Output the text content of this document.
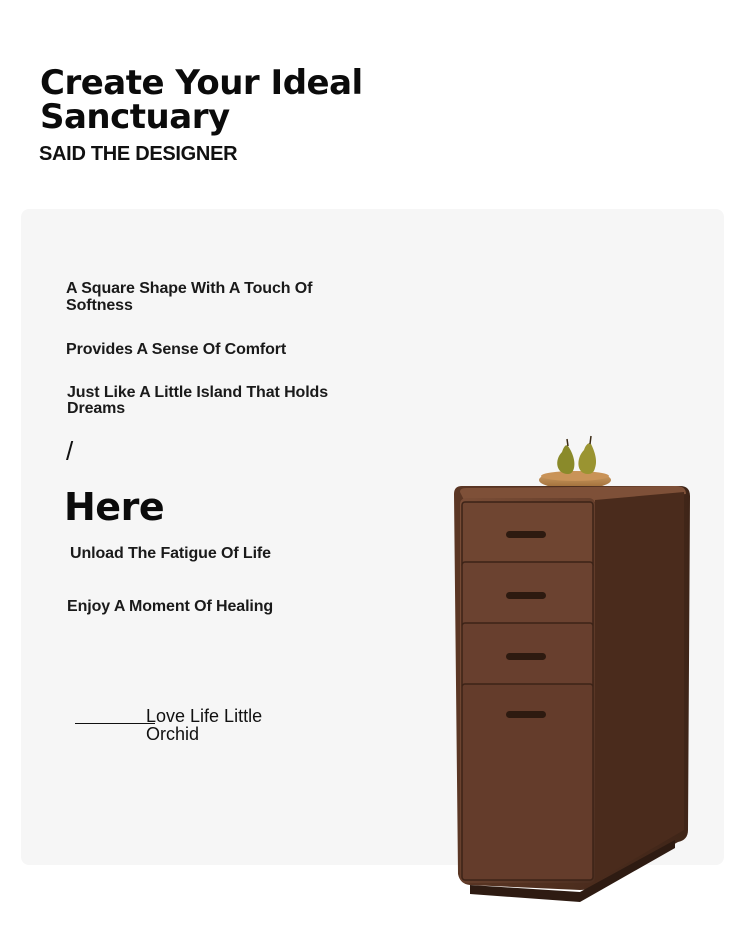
Create Your Ideal Sanctuary
SAID THE DESIGNER
A Square Shape With A Touch Of Softness
Provides A Sense Of Comfort
Just Like A Little Island That Holds Dreams
/
Here
Unload The Fatigue Of Life
Enjoy A Moment Of Healing
Love Life Little Orchid
